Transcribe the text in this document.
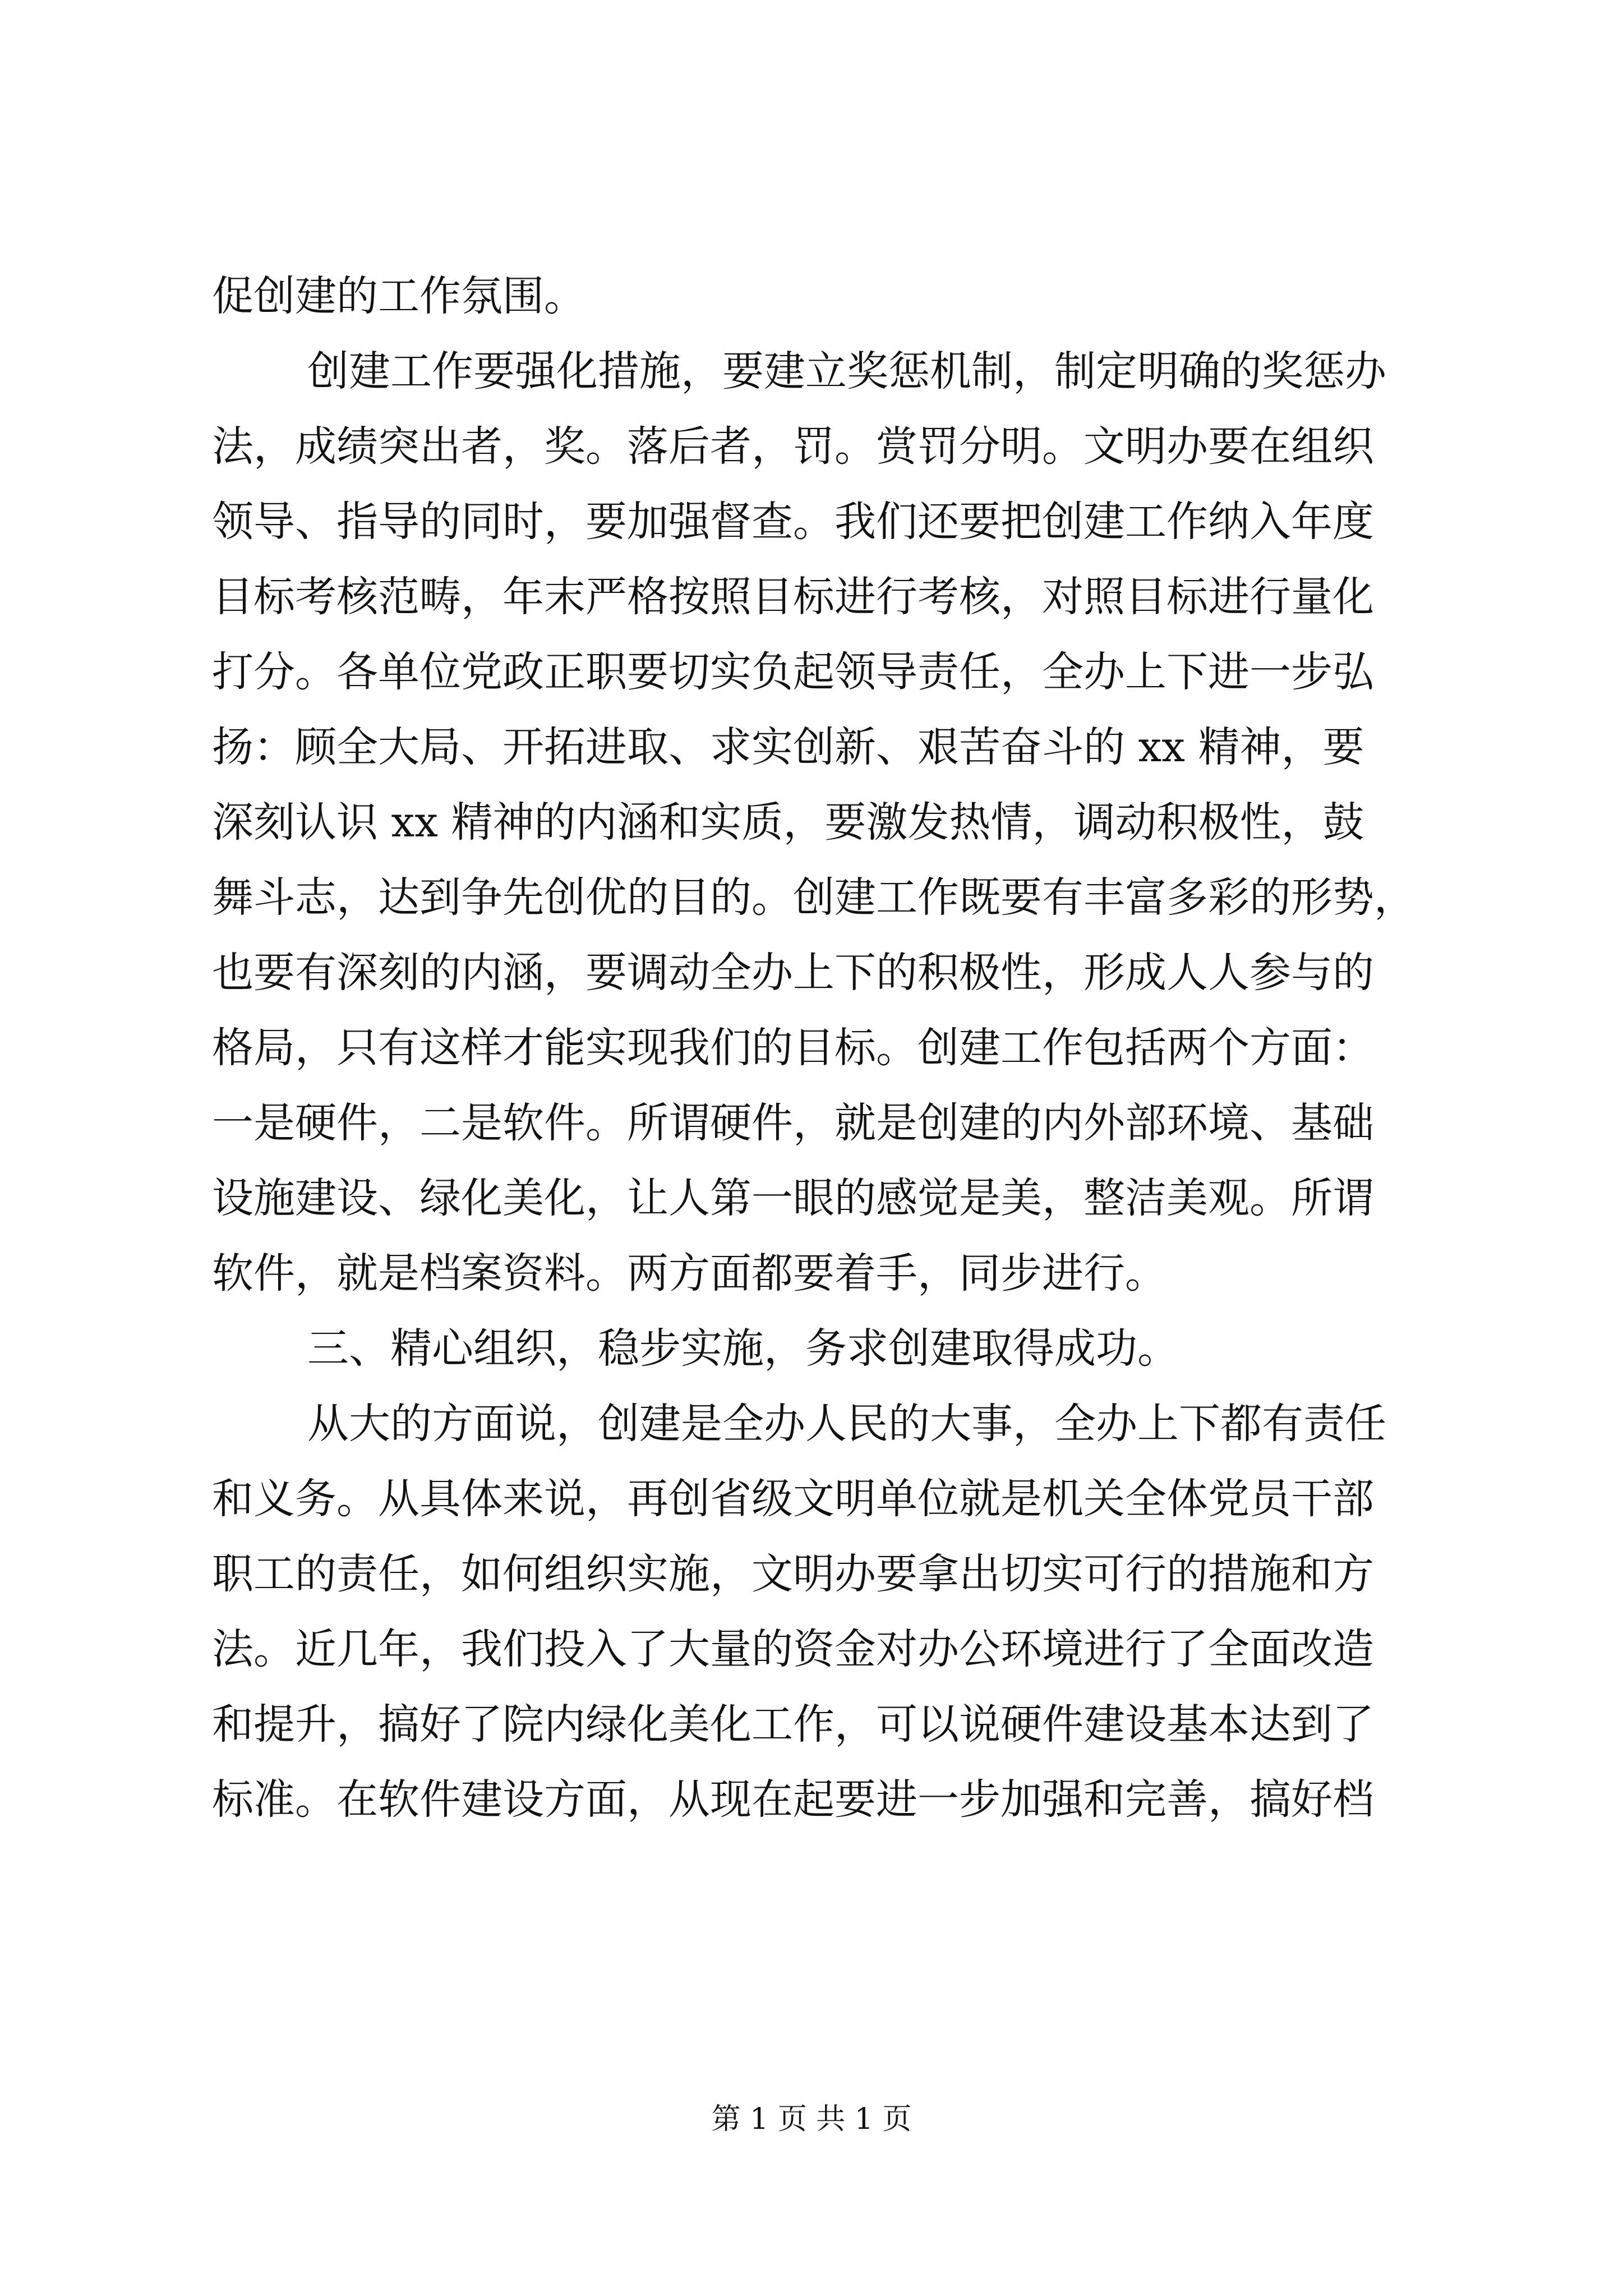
促创建的工作氛围。
创建工作要强化措施，要建立奖惩机制，制定明确的奖惩办
法，成绩突出者，奖。落后者，罚。赏罚分明。文明办要在组织
领导、指导的同时，要加强督查。我们还要把创建工作纳入年度
目标考核范畴，年末严格按照目标进行考核，对照目标进行量化
打分。各单位党政正职要切实负起领导责任，全办上下进一步弘
扬：顾全大局、开拓进取、求实创新、艰苦奋斗的 xx 精神，要
深刻认识 xx 精神的内涵和实质，要激发热情，调动积极性，鼓
舞斗志，达到争先创优的目的。创建工作既要有丰富多彩的形势，
也要有深刻的内涵，要调动全办上下的积极性，形成人人参与的
格局，只有这样才能实现我们的目标。创建工作包括两个方面：
一是硬件，二是软件。所谓硬件，就是创建的内外部环境、基础
设施建设、绿化美化，让人第一眼的感觉是美，整洁美观。所谓
软件，就是档案资料。两方面都要着手，同步进行。
三、精心组织，稳步实施，务求创建取得成功。
从大的方面说，创建是全办人民的大事，全办上下都有责任
和义务。从具体来说，再创省级文明单位就是机关全体党员干部
职工的责任，如何组织实施，文明办要拿出切实可行的措施和方
法。近几年，我们投入了大量的资金对办公环境进行了全面改造
和提升，搞好了院内绿化美化工作，可以说硬件建设基本达到了
标准。在软件建设方面，从现在起要进一步加强和完善，搞好档
第 1 页 共 1 页
